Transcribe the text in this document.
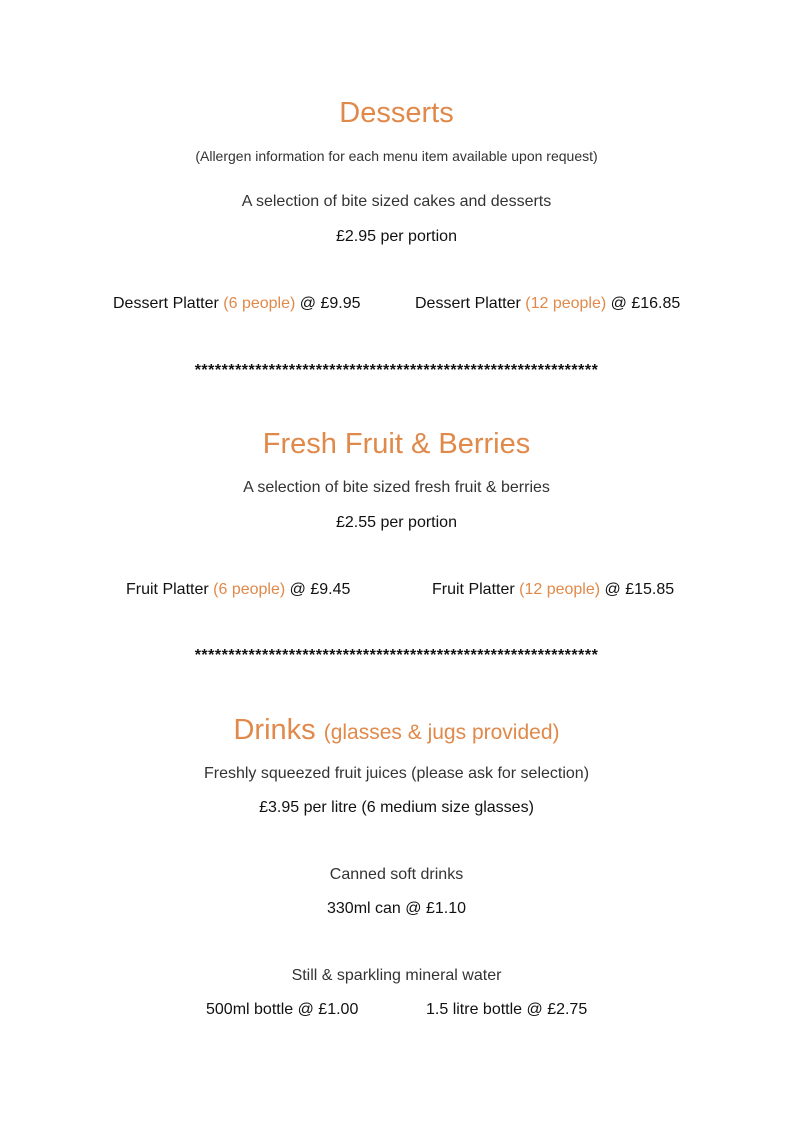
Desserts
(Allergen information for each menu item available upon request)
A selection of bite sized cakes and desserts
£2.95 per portion
Dessert Platter (6 people) @ £9.95	Dessert Platter (12 people) @ £16.85
************************************************************
Fresh Fruit & Berries
A selection of bite sized fresh fruit & berries
£2.55 per portion
Fruit Platter (6 people) @ £9.45	Fruit Platter (12 people) @ £15.85
************************************************************
Drinks (glasses & jugs provided)
Freshly squeezed fruit juices (please ask for selection)
£3.95 per litre (6 medium size glasses)
Canned soft drinks
330ml can @ £1.10
Still & sparkling mineral water
500ml bottle @ £1.00	1.5 litre bottle @ £2.75
